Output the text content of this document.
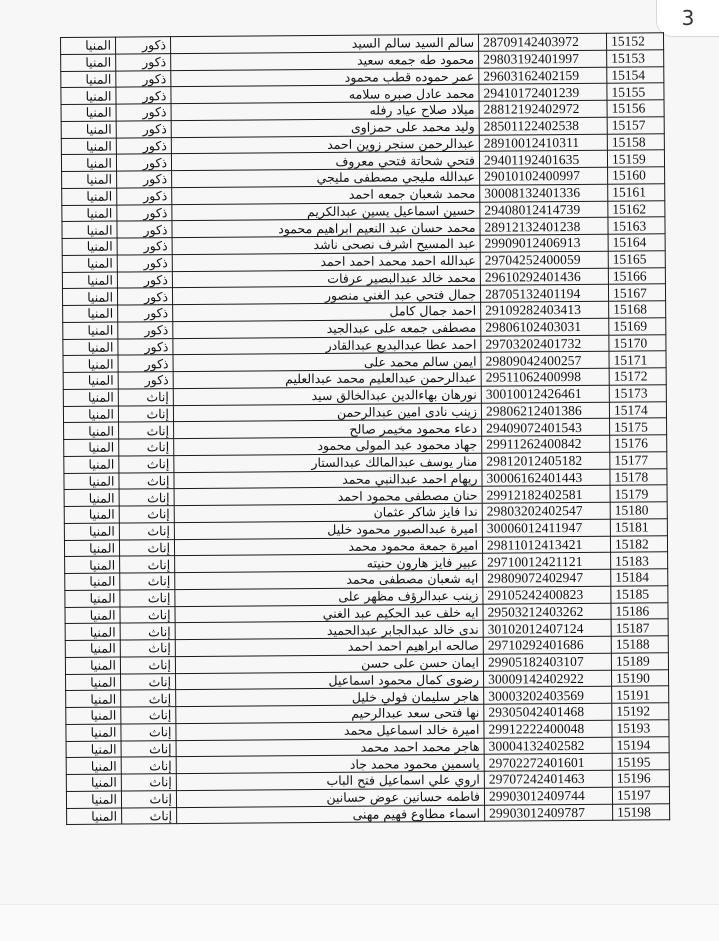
3
15152	28709142403972	سالم السيد سالم السيد	ذكور	المنيا
15153	29803192401997	محمود طه جمعه سعيد	ذكور	المنيا
15154	29603162402159	عمر حموده قطب محمود	ذكور	المنيا
15155	29410172401239	محمد عادل صبره سلامه	ذكور	المنيا
15156	28812192402972	ميلاد صلاح عياد رفله	ذكور	المنيا
15157	28501122402538	وليد محمد على حمزاوى	ذكور	المنيا
15158	28910012410311	عبدالرحمن سنجر زوين احمد	ذكور	المنيا
15159	29401192401635	فتحي شحاتة فتحي معروف	ذكور	المنيا
15160	29010102400997	عبدالله مليجي مصطفى مليجي	ذكور	المنيا
15161	30008132401336	محمد شعبان جمعه احمد	ذكور	المنيا
15162	29408012414739	حسين اسماعيل يسين عبدالكريم	ذكور	المنيا
15163	28912132401238	محمد حسان عبد النعيم ابراهيم محمود	ذكور	المنيا
15164	29909012406913	عبد المسيح اشرف نصحى ناشد	ذكور	المنيا
15165	29704252400059	عبدالله احمد محمد احمد احمد	ذكور	المنيا
15166	29610292401436	محمد خالد عبدالبصير عرفات	ذكور	المنيا
15167	28705132401194	جمال فتحي عبد الغني منصور	ذكور	المنيا
15168	29109282403413	احمد جمال كامل	ذكور	المنيا
15169	29806102403031	مصطفى جمعه على عبدالجيد	ذكور	المنيا
15170	29703202401732	احمد عطا عبدالبديع عبدالقادر	ذكور	المنيا
15171	29809042400257	ايمن سالم محمد على	ذكور	المنيا
15172	29511062400998	عبدالرحمن عبدالعليم محمد عبدالعليم	ذكور	المنيا
15173	30010012426461	نورهان بهاءالدين عبدالخالق سيد	إناث	المنيا
15174	29806212401386	زينب نادى امين عبدالرحمن	إناث	المنيا
15175	29409072401543	دعاء محمود مخيمر صالح	إناث	المنيا
15176	29911262400842	جهاد محمود عبد المولى محمود	إناث	المنيا
15177	29812012405182	منار يوسف عبدالمالك عبدالستار	إناث	المنيا
15178	30006162401443	ريهام احمد عبدالنبي محمد	إناث	المنيا
15179	29912182402581	حنان مصطفى محمود احمد	إناث	المنيا
15180	29803202402547	ندا فايز شاكر عثمان	إناث	المنيا
15181	30006012411947	اميرة عبدالصبور محمود خليل	إناث	المنيا
15182	29811012413421	اميرة جمعة محمود محمد	إناث	المنيا
15183	29710012421121	عبير فايز هارون حنيته	إناث	المنيا
15184	29809072402947	ايه شعبان مصطفى محمد	إناث	المنيا
15185	29105242400823	زينب عبدالرؤف مظهر على	إناث	المنيا
15186	29503212403262	ايه خلف عبد الحكيم عبد الغني	إناث	المنيا
15187	30102012407124	ندى خالد عبدالجابر عبدالحميد	إناث	المنيا
15188	29710292401686	صالحه ابراهيم احمد احمد	إناث	المنيا
15189	29905182403107	ايمان حسن على حسن	إناث	المنيا
15190	30009142402922	رضوى كمال محمود اسماعيل	إناث	المنيا
15191	30003202403569	هاجر سليمان فولي خليل	إناث	المنيا
15192	29305042401468	نها فتحى سعد عبدالرحيم	إناث	المنيا
15193	29912222400048	اميرة خالد اسماعيل محمد	إناث	المنيا
15194	30004132402582	هاجر محمد احمد محمد	إناث	المنيا
15195	29702272401601	ياسمين محمود محمد جاد	إناث	المنيا
15196	29707242401463	اروي علي اسماعيل فتح الباب	إناث	المنيا
15197	29903012409744	فاطمه حسانين عوض حسانين	إناث	المنيا
15198	29903012409787	اسماء مطاوع فهيم مهنى	إناث	المنيا
